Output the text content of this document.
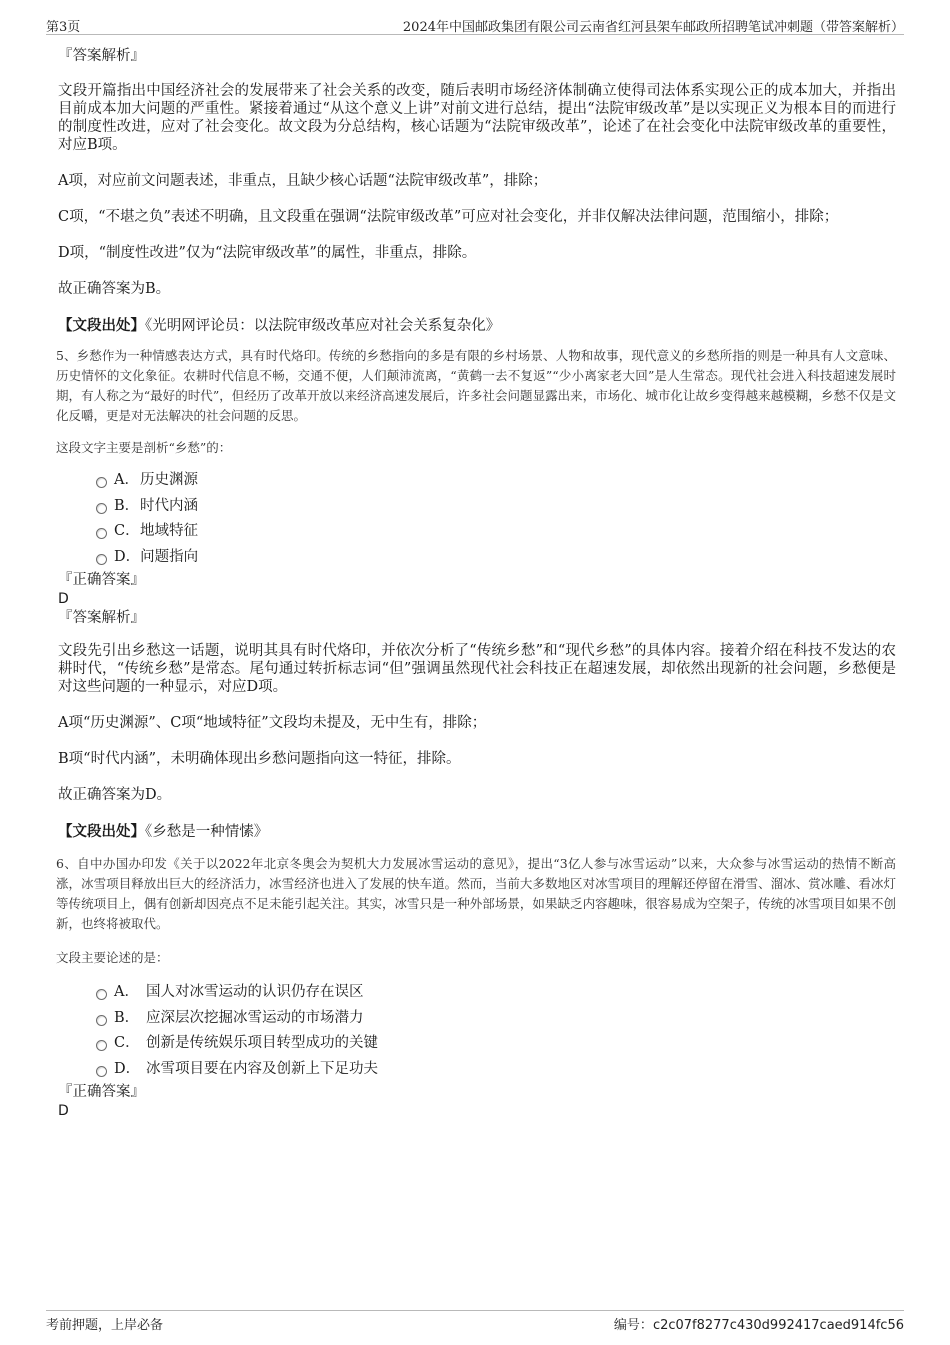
第3页	2024年中国邮政集团有限公司云南省红河县架车邮政所招聘笔试冲刺题（带答案解析）

『答案解析』

文段开篇指出中国经济社会的发展带来了社会关系的改变，随后表明市场经济体制确立使得司法体系实现公正的成本加大，并指出目前成本加大问题的严重性。紧接着通过“从这个意义上讲”对前文进行总结，提出“法院审级改革”是以实现正义为根本目的而进行的制度性改进，应对了社会变化。故文段为分总结构，核心话题为“法院审级改革”，论述了在社会变化中法院审级改革的重要性，对应B项。

A项，对应前文问题表述，非重点，且缺少核心话题“法院审级改革”，排除；

C项，“不堪之负”表述不明确，且文段重在强调“法院审级改革”可应对社会变化，并非仅解决法律问题，范围缩小，排除；

D项，“制度性改进”仅为“法院审级改革”的属性，非重点，排除。

故正确答案为B。

【文段出处】《光明网评论员：以法院审级改革应对社会关系复杂化》

5、乡愁作为一种情感表达方式，具有时代烙印。传统的乡愁指向的多是有限的乡村场景、人物和故事，现代意义的乡愁所指的则是一种具有人文意味、历史情怀的文化象征。农耕时代信息不畅，交通不便，人们颠沛流离，“黄鹤一去不复返”“少小离家老大回”是人生常态。现代社会进入科技超速发展时期，有人称之为“最好的时代”，但经历了改革开放以来经济高速发展后，许多社会问题显露出来，市场化、城市化让故乡变得越来越模糊，乡愁不仅是文化反嚼，更是对无法解决的社会问题的反思。

这段文字主要是剖析“乡愁”的：

A．历史渊源
B．时代内涵
C．地域特征
D．问题指向

『正确答案』

D

『答案解析』

文段先引出乡愁这一话题，说明其具有时代烙印，并依次分析了“传统乡愁”和“现代乡愁”的具体内容。接着介绍在科技不发达的农耕时代，“传统乡愁”是常态。尾句通过转折标志词“但”强调虽然现代社会科技正在超速发展，却依然出现新的社会问题，乡愁便是对这些问题的一种显示，对应D项。

A项“历史渊源”、C项“地域特征”文段均未提及，无中生有，排除；

B项“时代内涵”，未明确体现出乡愁问题指向这一特征，排除。

故正确答案为D。

【文段出处】《乡愁是一种情愫》

6、自中办国办印发《关于以2022年北京冬奥会为契机大力发展冰雪运动的意见》，提出“3亿人参与冰雪运动”以来，大众参与冰雪运动的热情不断高涨，冰雪项目释放出巨大的经济活力，冰雪经济也进入了发展的快车道。然而，当前大多数地区对冰雪项目的理解还停留在滑雪、溜冰、赏冰雕、看冰灯等传统项目上，偶有创新却因亮点不足未能引起关注。其实，冰雪只是一种外部场景，如果缺乏内容趣味，很容易成为空架子，传统的冰雪项目如果不创新，也终将被取代。

文段主要论述的是：

A． 国人对冰雪运动的认识仍存在误区
B． 应深层次挖掘冰雪运动的市场潜力
C． 创新是传统娱乐项目转型成功的关键
D． 冰雪项目要在内容及创新上下足功夫

『正确答案』

D

考前押题，上岸必备	编号：c2c07f8277c430d992417caed914fc56
